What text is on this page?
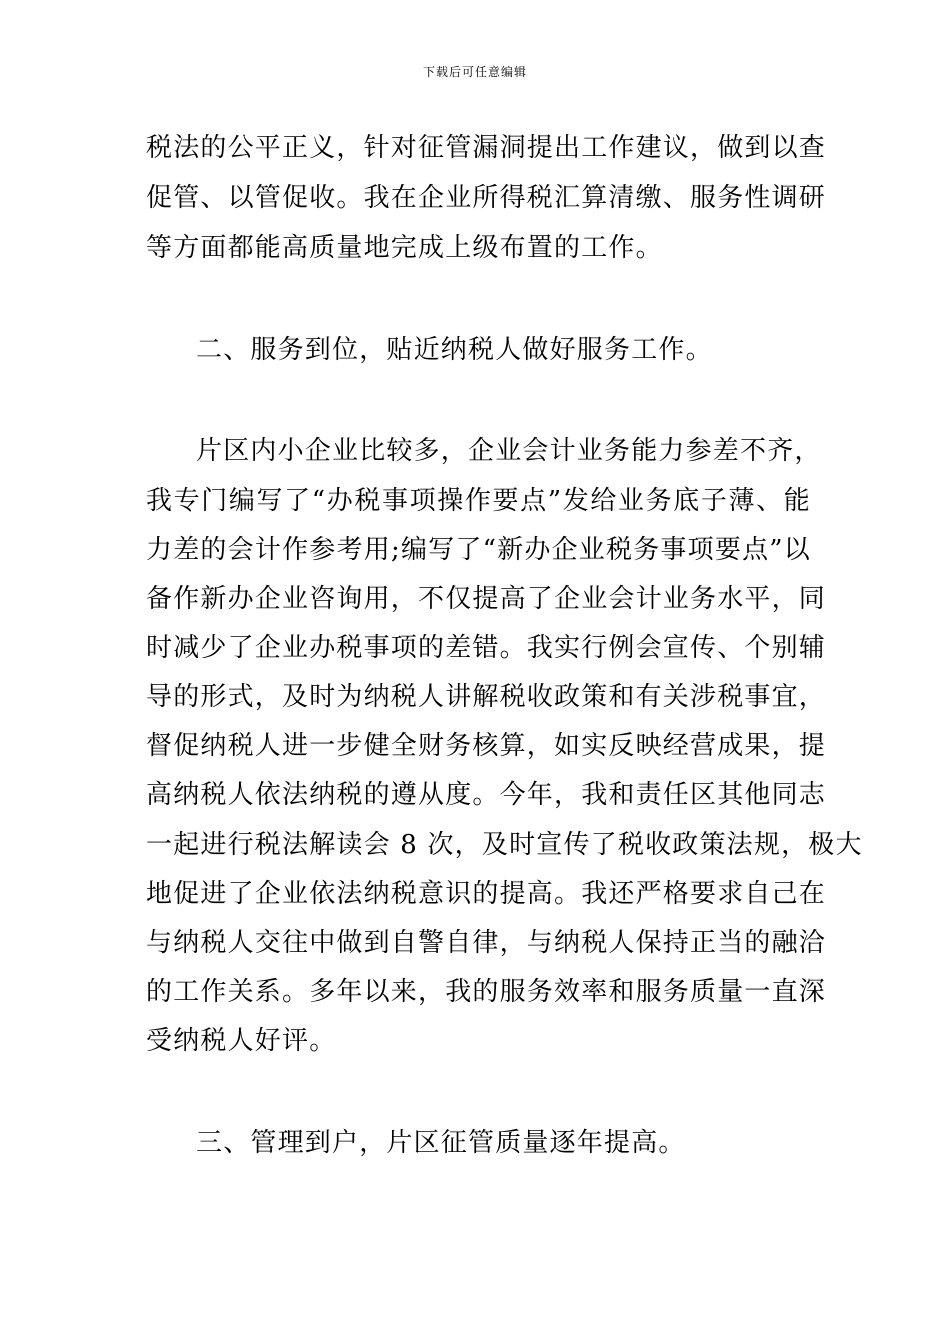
下载后可任意编辑
税法的公平正义，针对征管漏洞提出工作建议，做到以查
促管、以管促收。我在企业所得税汇算清缴、服务性调研
等方面都能高质量地完成上级布置的工作。
二、服务到位，贴近纳税人做好服务工作。
片区内小企业比较多，企业会计业务能力参差不齐，
我专门编写了“办税事项操作要点”发给业务底子薄、能
力差的会计作参考用;编写了“新办企业税务事项要点”以
备作新办企业咨询用，不仅提高了企业会计业务水平，同
时减少了企业办税事项的差错。我实行例会宣传、个别辅
导的形式，及时为纳税人讲解税收政策和有关涉税事宜，
督促纳税人进一步健全财务核算，如实反映经营成果，提
高纳税人依法纳税的遵从度。今年，我和责任区其他同志
一起进行税法解读会 8 次，及时宣传了税收政策法规，极大
地促进了企业依法纳税意识的提高。我还严格要求自己在
与纳税人交往中做到自警自律，与纳税人保持正当的融洽
的工作关系。多年以来，我的服务效率和服务质量一直深
受纳税人好评。
三、管理到户，片区征管质量逐年提高。
